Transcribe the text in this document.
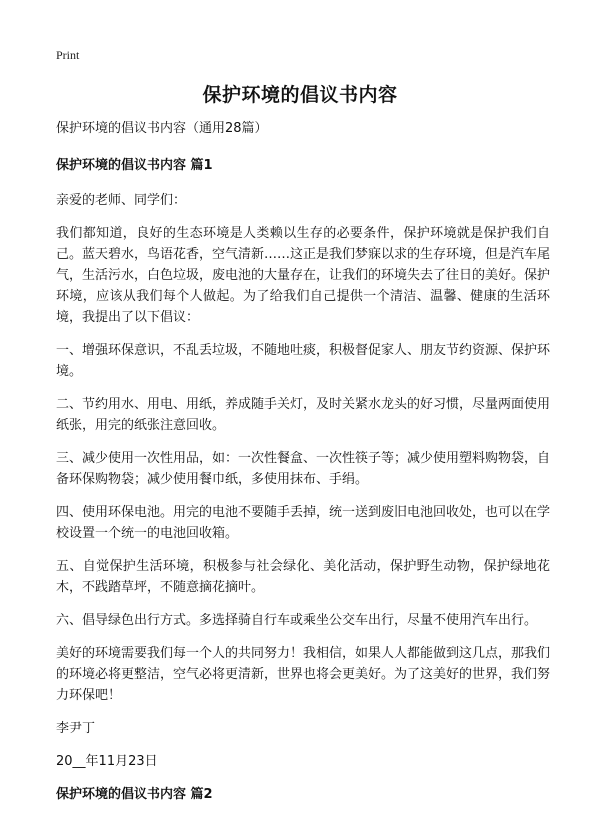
Print
保护环境的倡议书内容

保护环境的倡议书内容（通用28篇）

保护环境的倡议书内容 篇1

亲爱的老师、同学们：

我们都知道，良好的生态环境是人类赖以生存的必要条件，保护环境就是保护我们自己。蓝天碧水，鸟语花香，空气清新……这正是我们梦寐以求的生存环境，但是汽车尾气，生活污水，白色垃圾，废电池的大量存在，让我们的环境失去了往日的美好。保护环境，应该从我们每个人做起。为了给我们自己提供一个清洁、温馨、健康的生活环境，我提出了以下倡议：

一、增强环保意识，不乱丢垃圾，不随地吐痰，积极督促家人、朋友节约资源、保护环境。

二、节约用水、用电、用纸，养成随手关灯，及时关紧水龙头的好习惯，尽量两面使用纸张，用完的纸张注意回收。

三、减少使用一次性用品，如：一次性餐盒、一次性筷子等；减少使用塑料购物袋，自备环保购物袋；减少使用餐巾纸，多使用抹布、手绢。

四、使用环保电池。用完的电池不要随手丢掉，统一送到废旧电池回收处，也可以在学校设置一个统一的电池回收箱。

五、自觉保护生活环境，积极参与社会绿化、美化活动，保护野生动物，保护绿地花木，不践踏草坪，不随意摘花摘叶。

六、倡导绿色出行方式。多选择骑自行车或乘坐公交车出行，尽量不使用汽车出行。

美好的环境需要我们每一个人的共同努力！我相信，如果人人都能做到这几点，那我们的环境必将更整洁，空气必将更清新，世界也将会更美好。为了这美好的世界，我们努力环保吧！

李尹丁

20__年11月23日

保护环境的倡议书内容 篇2
